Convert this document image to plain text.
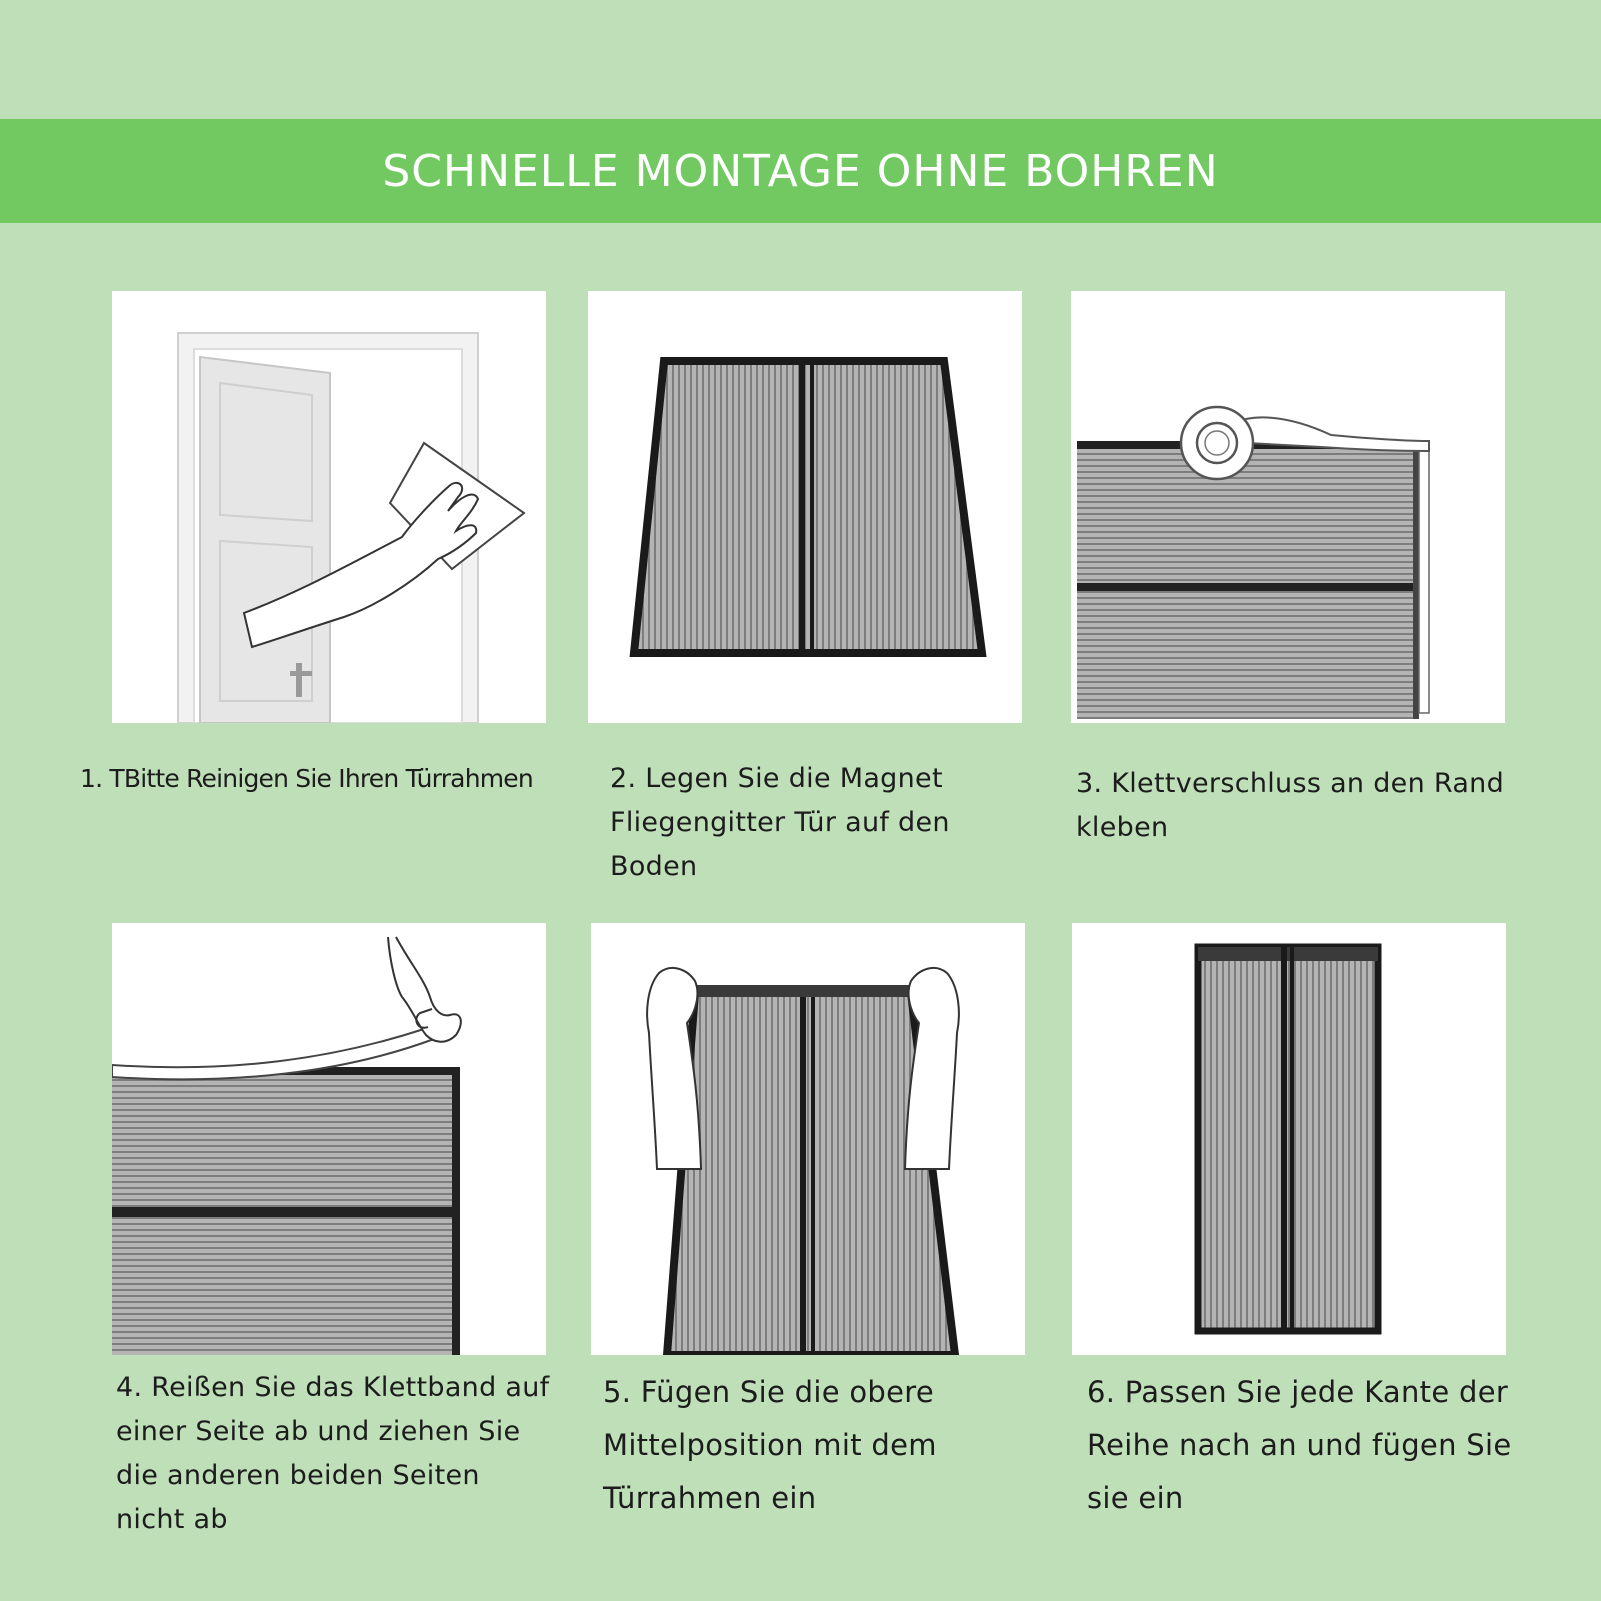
SCHNELLE MONTAGE OHNE BOHREN
1. TBitte Reinigen Sie Ihren Türrahmen	2. Legen Sie die Magnet Fliegengitter Tür auf den Boden
3. Klettverschluss an den Rand kleben
4. Reißen Sie das Klettband auf einer Seite ab und ziehen Sie die anderen beiden Seiten nicht ab
5. Fügen Sie die obere Mittelposition mit dem Türrahmen ein
6. Passen Sie jede Kante der Reihe nach an und fügen Sie sie ein
